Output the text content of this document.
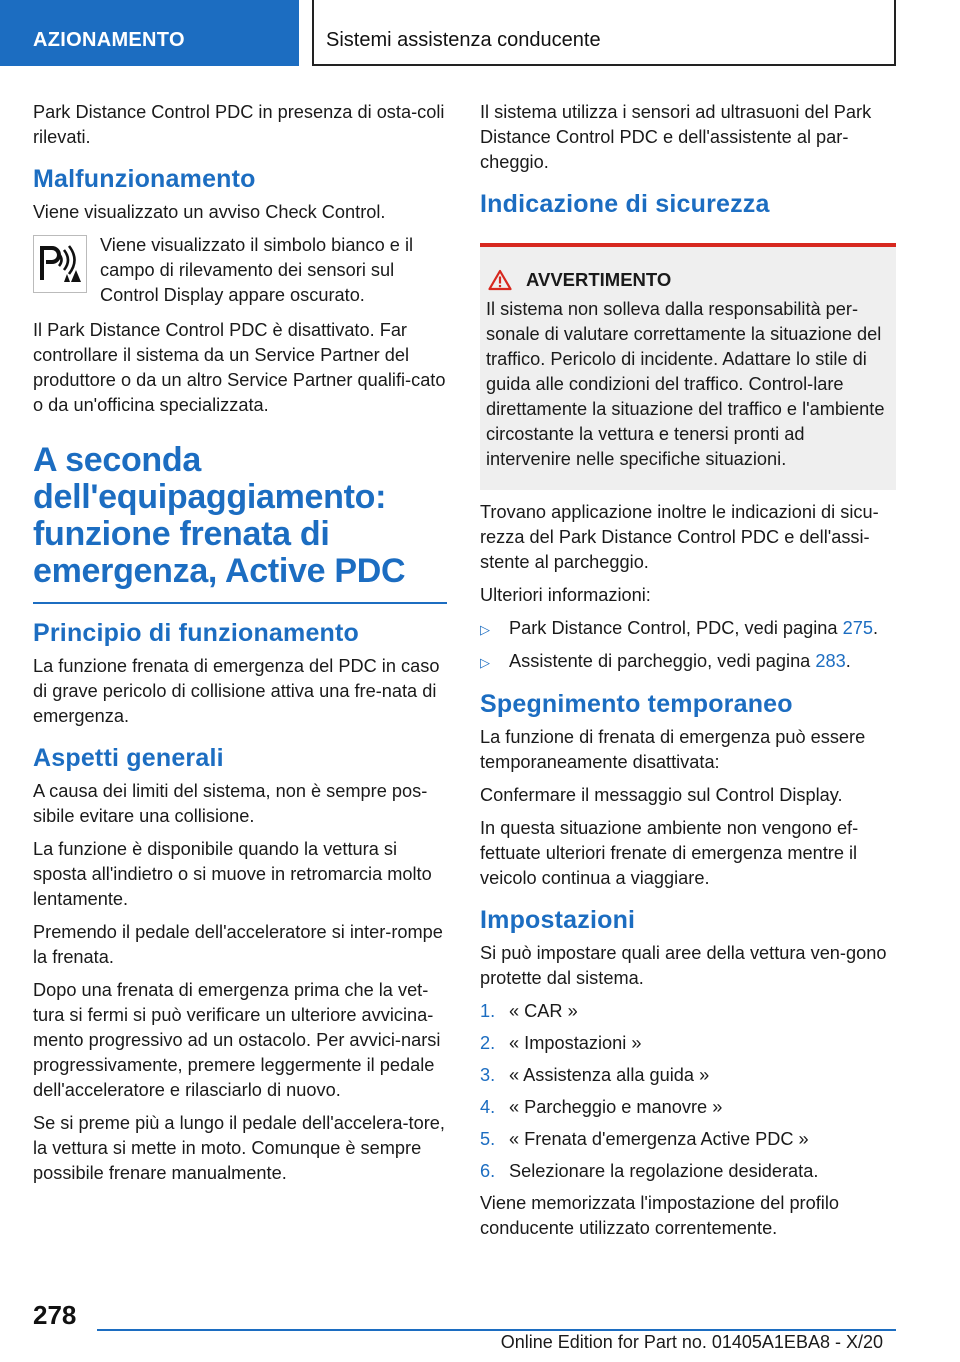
AZIONAMENTO	Sistemi assistenza conducente

Park Distance Control PDC in presenza di osta-coli rilevati.

Malfunzionamento

Viene visualizzato un avviso Check Control.

Viene visualizzato il simbolo bianco e il campo di rilevamento dei sensori sul Control Display appare oscurato.

Il Park Distance Control PDC è disattivato. Far controllare il sistema da un Service Partner del produttore o da un altro Service Partner qualifi-cato o da un'officina specializzata.

A seconda
dell'equipaggiamento:
funzione frenata di
emergenza, Active PDC
Principio di funzionamento

La funzione frenata di emergenza del PDC in caso di grave pericolo di collisione attiva una fre-nata di emergenza.

Aspetti generali

A causa dei limiti del sistema, non è sempre pos-sibile evitare una collisione.

La funzione è disponibile quando la vettura si sposta all'indietro o si muove in retromarcia molto lentamente.

Premendo il pedale dell'acceleratore si inter-rompe la frenata.

Dopo una frenata di emergenza prima che la vet-tura si fermi si può verificare un ulteriore avvicina-mento progressivo ad un ostacolo. Per avvici-narsi progressivamente, premere leggermente il pedale dell'acceleratore e rilasciarlo di nuovo.

Se si preme più a lungo il pedale dell'accelera-tore, la vettura si mette in moto. Comunque è sempre possibile frenare manualmente.

Il sistema utilizza i sensori ad ultrasuoni del Park Distance Control PDC e dell'assistente al par-cheggio.

Indicazione di sicurezza
AVVERTIMENTO

Il sistema non solleva dalla responsabilità per-sonale di valutare correttamente la situazione del traffico. Pericolo di incidente. Adattare lo stile di guida alle condizioni del traffico. Control-lare direttamente la situazione del traffico e l'ambiente circostante la vettura e tenersi pronti ad intervenire nelle specifiche situazioni.

Trovano applicazione inoltre le indicazioni di sicu-rezza del Park Distance Control PDC e dell'assi-stente al parcheggio.

Ulteriori informazioni:

▷	Park Distance Control, PDC, vedi pagina 275.
▷	Assistente di parcheggio, vedi pagina 283.
Spegnimento temporaneo

La funzione di frenata di emergenza può essere temporaneamente disattivata:

Confermare il messaggio sul Control Display.

In questa situazione ambiente non vengono ef-fettuate ulteriori frenate di emergenza mentre il veicolo continua a viaggiare.

Impostazioni

Si può impostare quali aree della vettura ven-gono protette dal sistema.

1. « CAR »
2. « Impostazioni »
3. « Assistenza alla guida »
4. « Parcheggio e manovre »
5. « Frenata d'emergenza Active PDC »
6. Selezionare la regolazione desiderata.

Viene memorizzata l'impostazione del profilo conducente utilizzato correntemente.

278
Online Edition for Part no. 01405A1EBA8 - X/20
